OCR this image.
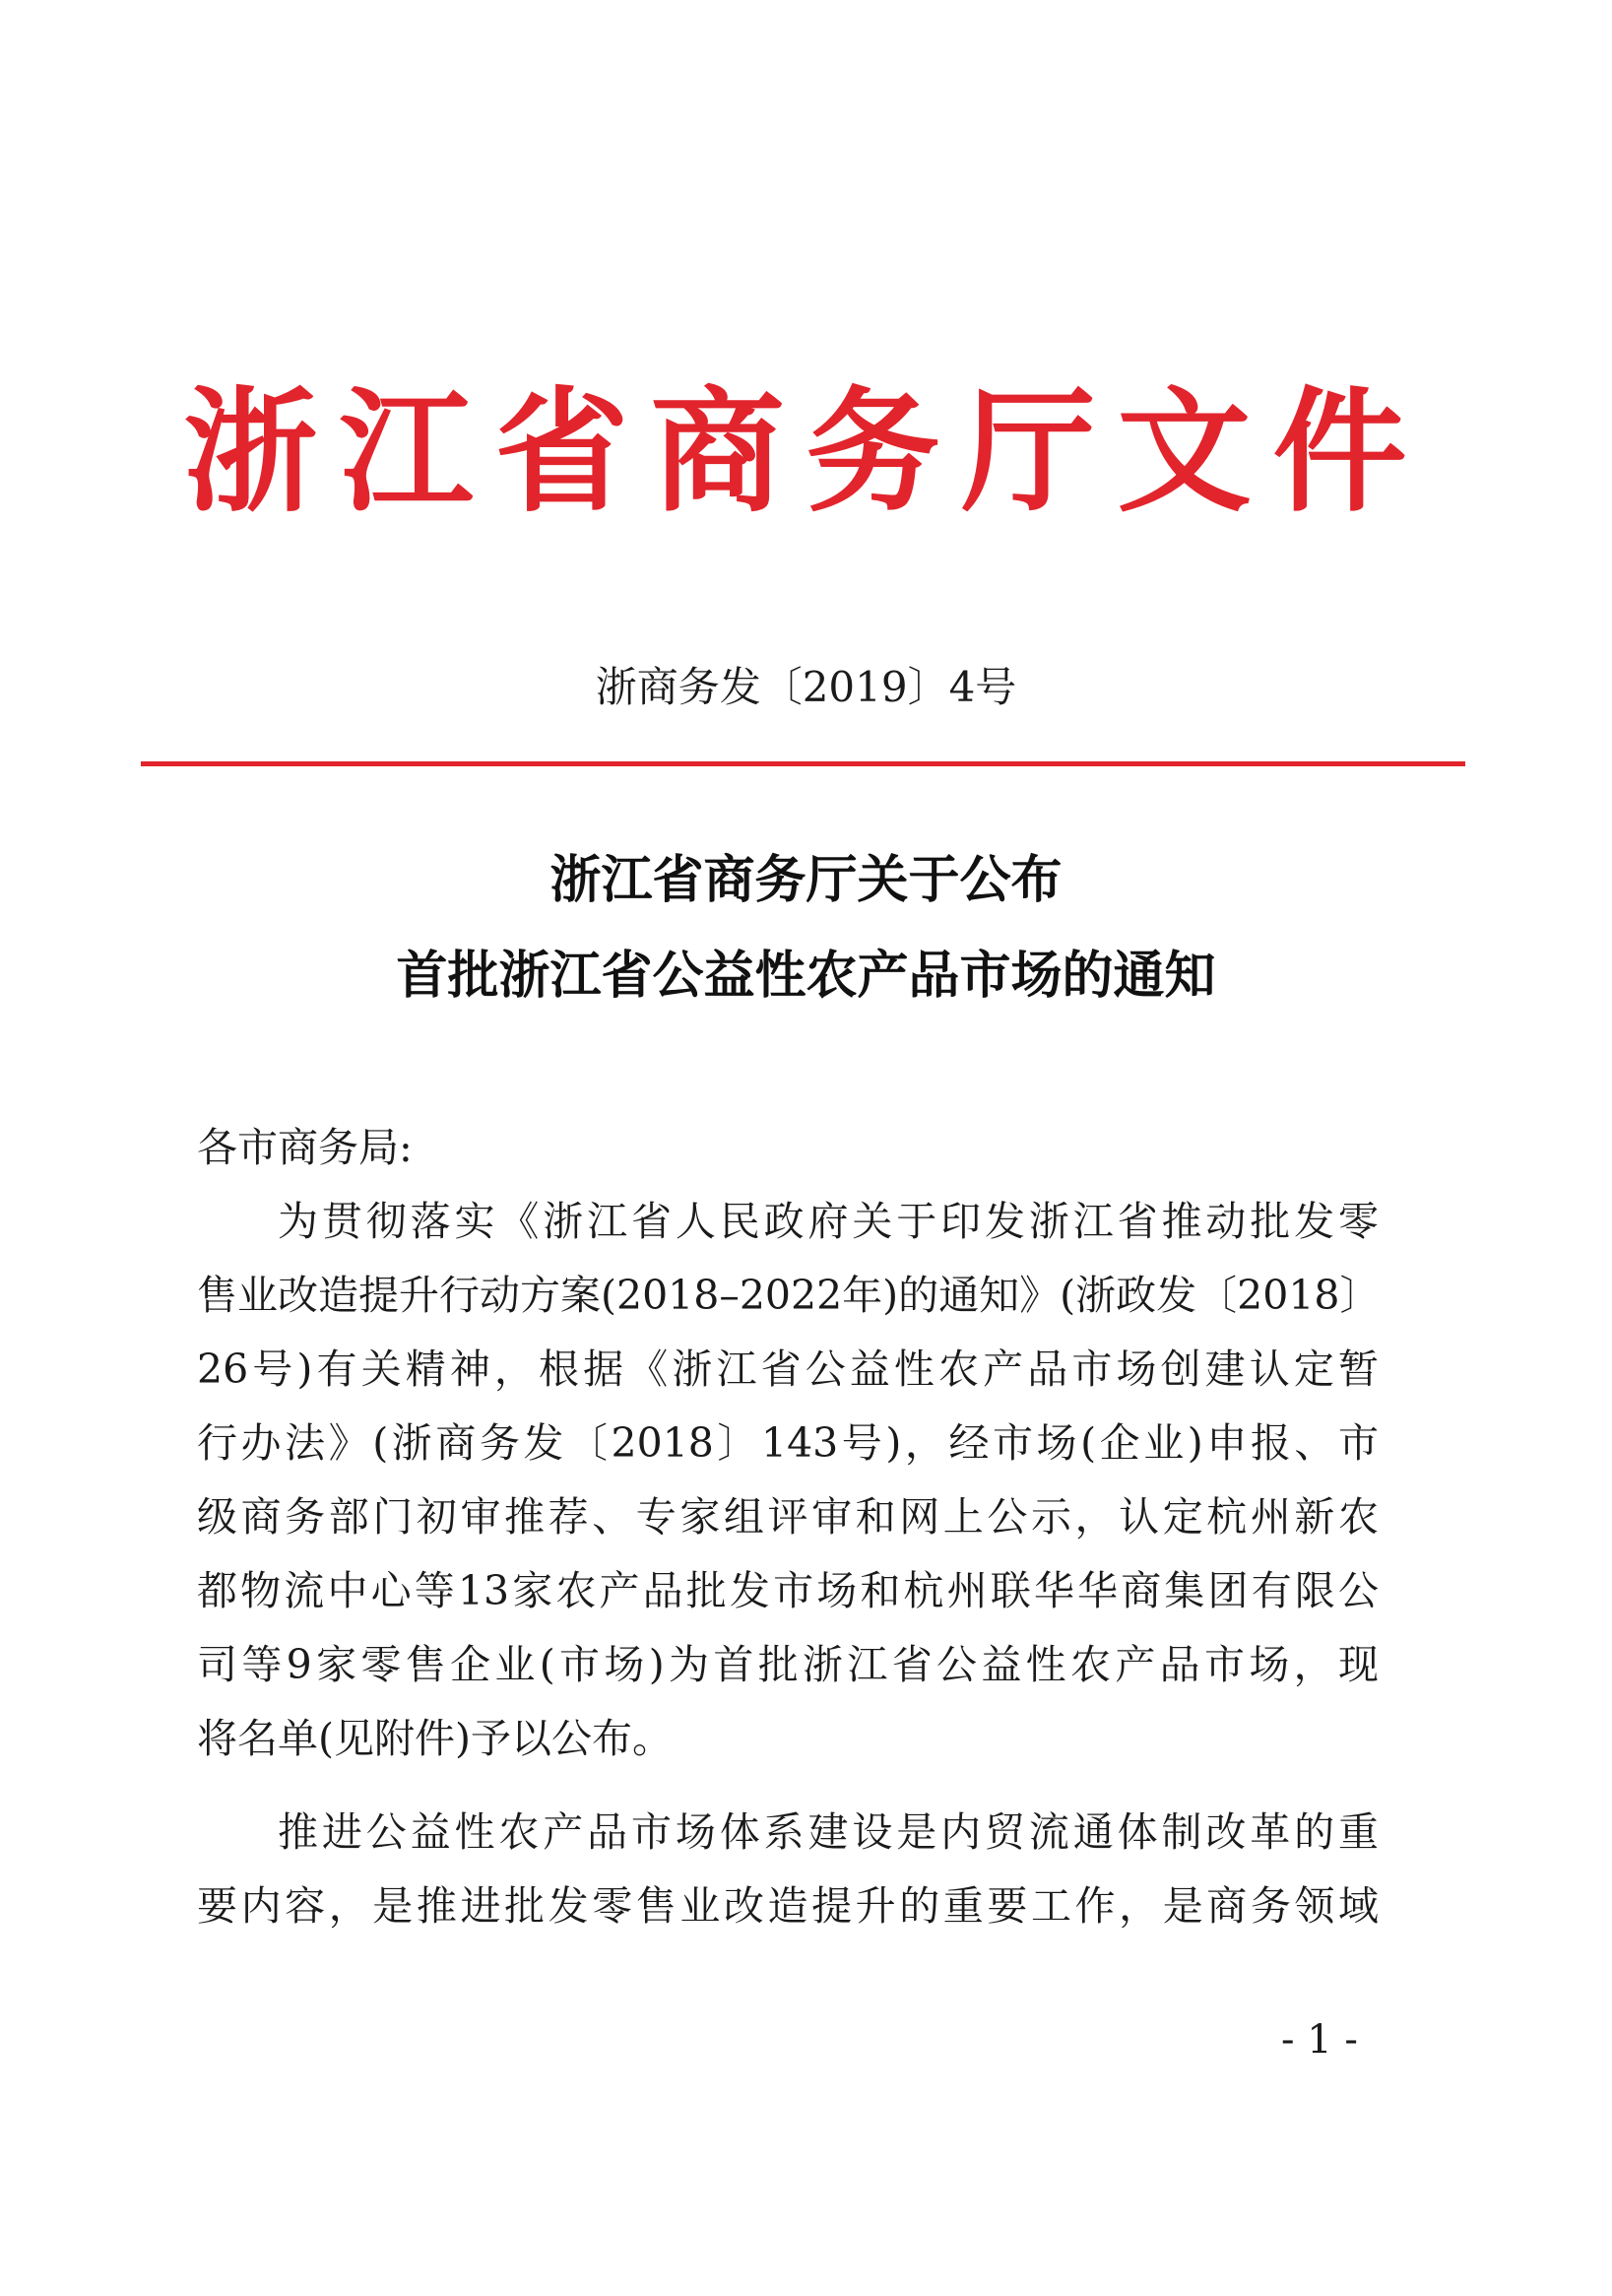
浙江省商务厅文件
浙商务发〔2019〕4号
浙江省商务厅关于公布
首批浙江省公益性农产品市场的通知
各市商务局:
为贯彻落实《浙江省人民政府关于印发浙江省推动批发零
售业改造提升行动方案(2018–2022年)的通知》(浙政发〔2018〕
26号)有关精神，根据《浙江省公益性农产品市场创建认定暂
行办法》(浙商务发〔2018〕143号)，经市场(企业)申报、市
级商务部门初审推荐、专家组评审和网上公示，认定杭州新农
都物流中心等13家农产品批发市场和杭州联华华商集团有限公
司等9家零售企业(市场)为首批浙江省公益性农产品市场，现
将名单(见附件)予以公布。
推进公益性农产品市场体系建设是内贸流通体制改革的重
要内容，是推进批发零售业改造提升的重要工作，是商务领域
- 1 -
